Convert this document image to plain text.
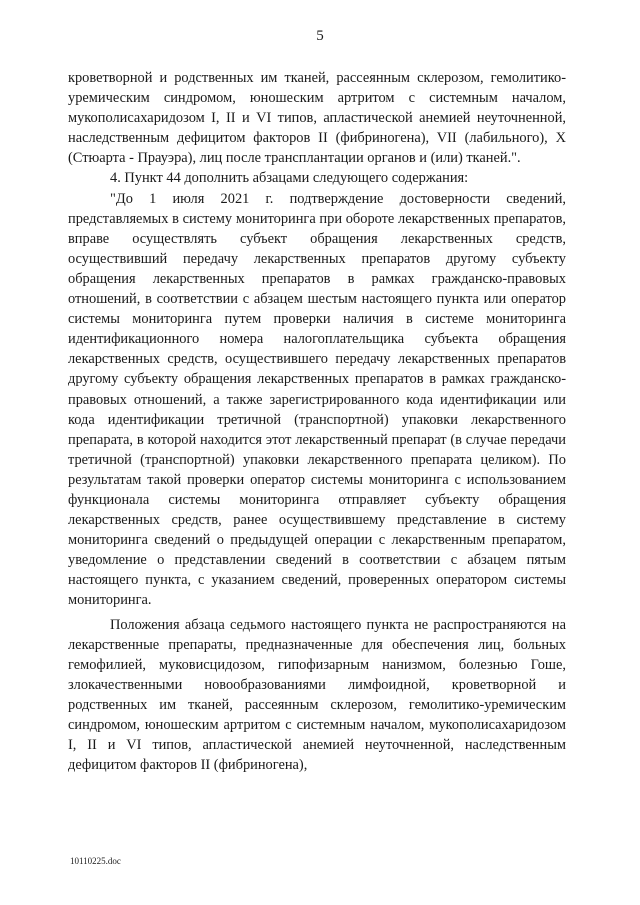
5

кроветворной и родственных им тканей, рассеянным склерозом, гемолитико-уремическим синдромом, юношеским артритом с системным началом, мукополисахаридозом I, II и VI типов, апластической анемией неуточненной, наследственным дефицитом факторов II (фибриногена), VII (лабильного), X (Стюарта - Прауэра), лиц после трансплантации органов и (или) тканей.".

4. Пункт 44 дополнить абзацами следующего содержания:

"До 1 июля 2021 г. подтверждение достоверности сведений, представляемых в систему мониторинга при обороте лекарственных препаратов, вправе осуществлять субъект обращения лекарственных средств, осуществивший передачу лекарственных препаратов другому субъекту обращения лекарственных препаратов в рамках гражданско-правовых отношений, в соответствии с абзацем шестым настоящего пункта или оператор системы мониторинга путем проверки наличия в системе мониторинга идентификационного номера налогоплательщика субъекта обращения лекарственных средств, осуществившего передачу лекарственных препаратов другому субъекту обращения лекарственных препаратов в рамках гражданско-правовых отношений, а также зарегистрированного кода идентификации или кода идентификации третичной (транспортной) упаковки лекарственного препарата, в которой находится этот лекарственный препарат (в случае передачи третичной (транспортной) упаковки лекарственного препарата целиком). По результатам такой проверки оператор системы мониторинга с использованием функционала системы мониторинга отправляет субъекту обращения лекарственных средств, ранее осуществившему представление в систему мониторинга сведений о предыдущей операции с лекарственным препаратом, уведомление о представлении сведений в соответствии с абзацем пятым настоящего пункта, с указанием сведений, проверенных оператором системы мониторинга.

Положения абзаца седьмого настоящего пункта не распространяются на лекарственные препараты, предназначенные для обеспечения лиц, больных гемофилией, муковисцидозом, гипофизарным нанизмом, болезнью Гоше, злокачественными новообразованиями лимфоидной, кроветворной и родственных им тканей, рассеянным склерозом, гемолитико-уремическим синдромом, юношеским артритом с системным началом, мукополисахаридозом I, II и VI типов, апластической анемией неуточненной, наследственным дефицитом факторов II (фибриногена),

10110225.doc
